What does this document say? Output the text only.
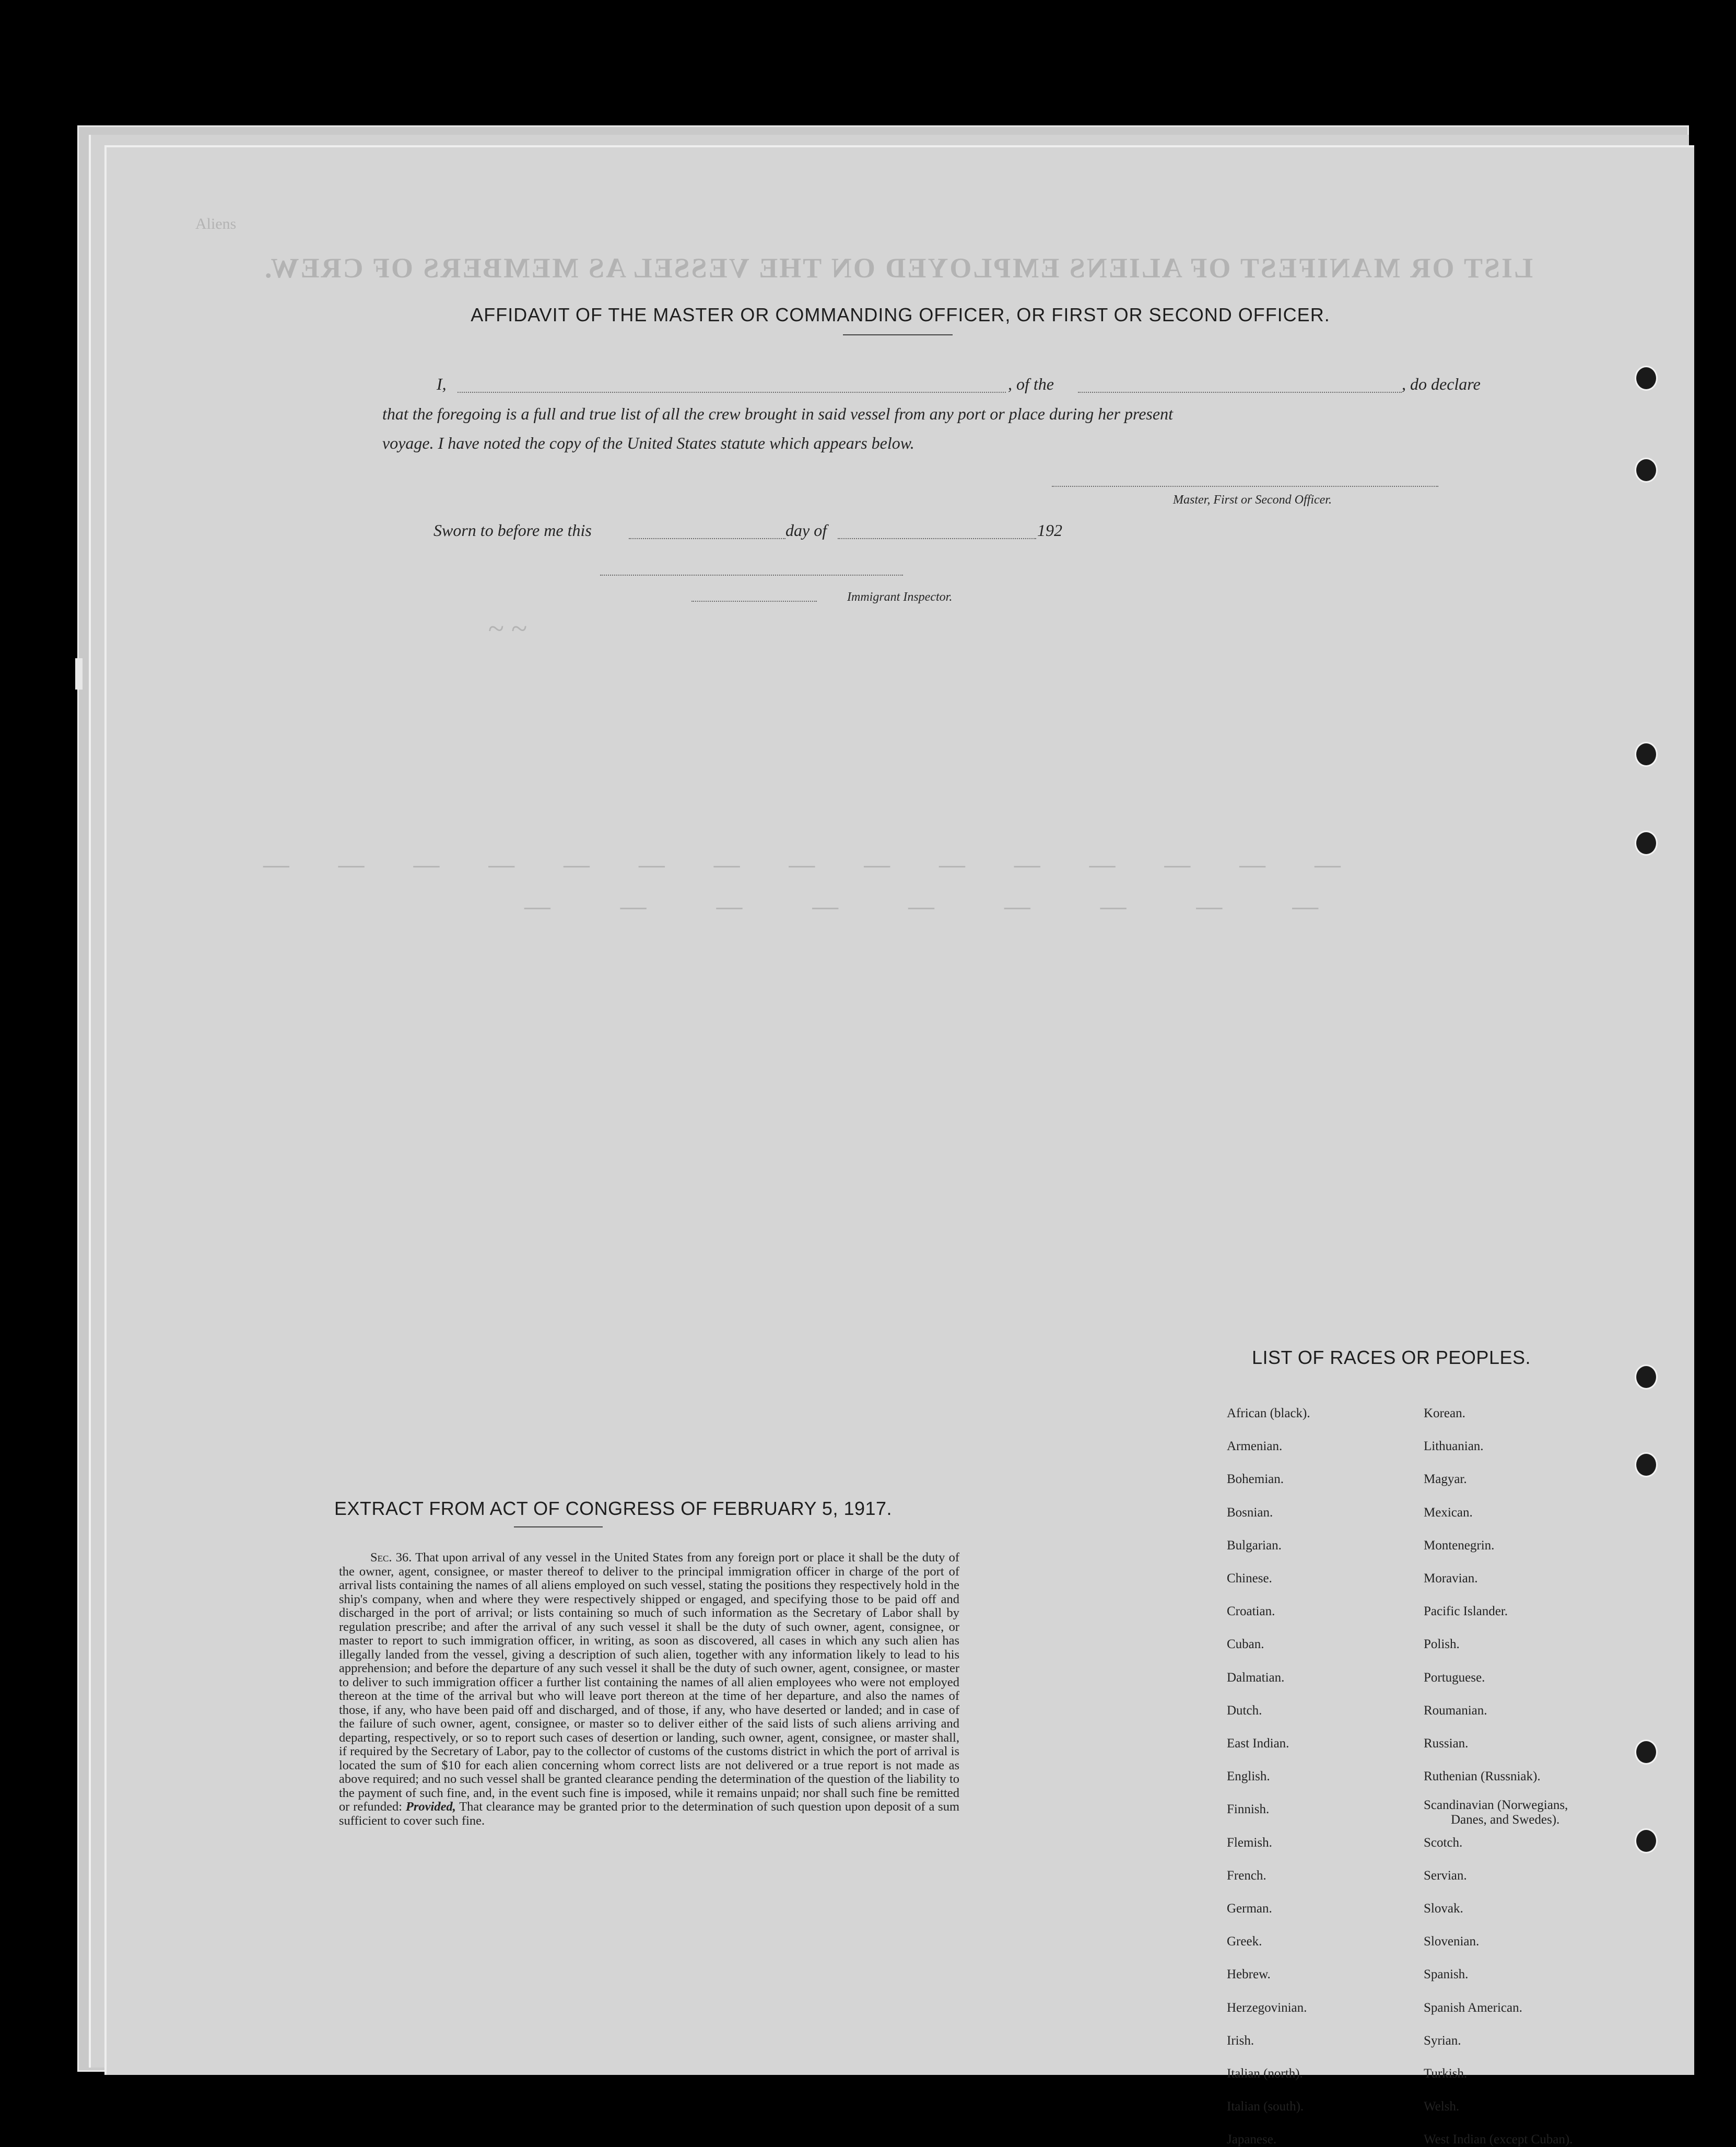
LIST OR MANIFEST OF ALIENS EMPLOYED ON THE VESSEL AS MEMBERS OF CREW.
Aliens
~ ~
— — — — — — — — — — — — — — —
— — — — — — — — —
AFFIDAVIT OF THE MASTER OR COMMANDING OFFICER, OR FIRST OR SECOND OFFICER.
I,	, of the	, do declare
that the foregoing is a full and true list of all the crew brought in said vessel from any port or place during her present
voyage. I have noted the copy of the United States statute which appears below.
Master, First or Second Officer.
Sworn to before me this	day of	192
Immigrant Inspector.
EXTRACT FROM ACT OF CONGRESS OF FEBRUARY 5, 1917.
Sec. 36. That upon arrival of any vessel in the United States from any foreign port or place it shall be the duty of the owner, agent, consignee, or master thereof to deliver to the principal immigration officer in charge of the port of arrival lists containing the names of all aliens employed on such vessel, stating the positions they respectively hold in the ship's company, when and where they were respectively shipped or engaged, and specifying those to be paid off and discharged in the port of arrival; or lists containing so much of such information as the Secretary of Labor shall by regulation prescribe; and after the arrival of any such vessel it shall be the duty of such owner, agent, consignee, or master to report to such immigration officer, in writing, as soon as discovered, all cases in which any such alien has illegally landed from the vessel, giving a description of such alien, together with any information likely to lead to his apprehension; and before the departure of any such vessel it shall be the duty of such owner, agent, consignee, or master to deliver to such immigration officer a further list containing the names of all alien employees who were not employed thereon at the time of the arrival but who will leave port thereon at the time of her departure, and also the names of those, if any, who have been paid off and discharged, and of those, if any, who have deserted or landed; and in case of the failure of such owner, agent, consignee, or master so to deliver either of the said lists of such aliens arriving and departing, respectively, or so to report such cases of desertion or landing, such owner, agent, consignee, or master shall, if required by the Secretary of Labor, pay to the collector of customs of the customs district in which the port of arrival is located the sum of $10 for each alien concerning whom correct lists are not delivered or a true report is not made as above required; and no such vessel shall be granted clearance pending the determination of the question of the liability to the payment of such fine, and, in the event such fine is imposed, while it remains unpaid; nor shall such fine be remitted or refunded: Provided, That clearance may be granted prior to the determination of such question upon deposit of a sum sufficient to cover such fine.
LIST OF RACES OR PEOPLES.
African (black).
Armenian.
Bohemian.
Bosnian.
Bulgarian.
Chinese.
Croatian.
Cuban.
Dalmatian.
Dutch.
East Indian.
English.
Finnish.
Flemish.
French.
German.
Greek.
Hebrew.
Herzegovinian.
Irish.
Italian (north).
Italian (south).
Japanese.
Korean.
Lithuanian.
Magyar.
Mexican.
Montenegrin.
Moravian.
Pacific Islander.
Polish.
Portuguese.
Roumanian.
Russian.
Ruthenian (Russniak).
Scandinavian (Norwegians,
Danes, and Swedes).
Scotch.
Servian.
Slovak.
Slovenian.
Spanish.
Spanish American.
Syrian.
Turkish.
Welsh.
West Indian (except Cuban).
